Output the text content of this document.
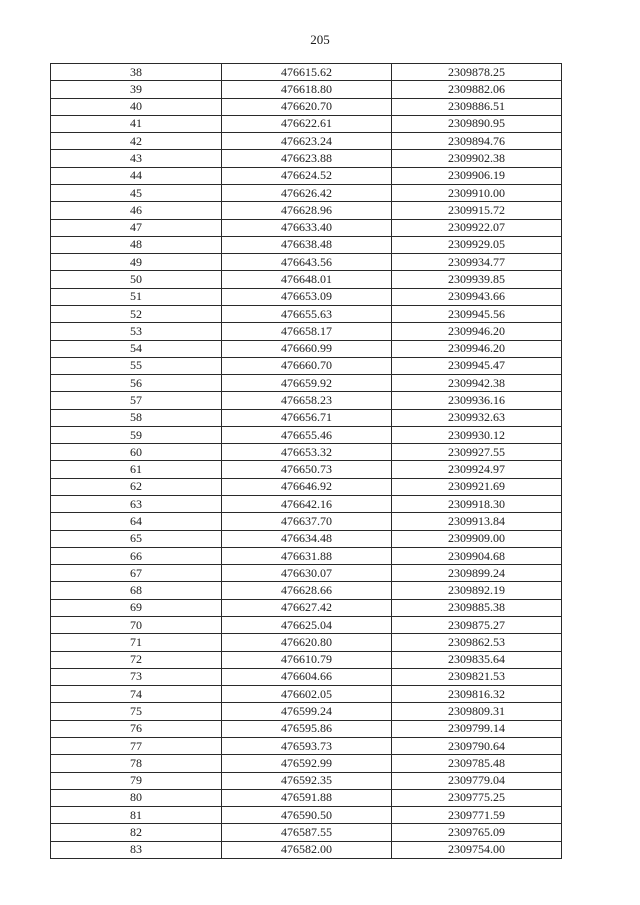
205
38	476615.62	2309878.25
39	476618.80	2309882.06
40	476620.70	2309886.51
41	476622.61	2309890.95
42	476623.24	2309894.76
43	476623.88	2309902.38
44	476624.52	2309906.19
45	476626.42	2309910.00
46	476628.96	2309915.72
47	476633.40	2309922.07
48	476638.48	2309929.05
49	476643.56	2309934.77
50	476648.01	2309939.85
51	476653.09	2309943.66
52	476655.63	2309945.56
53	476658.17	2309946.20
54	476660.99	2309946.20
55	476660.70	2309945.47
56	476659.92	2309942.38
57	476658.23	2309936.16
58	476656.71	2309932.63
59	476655.46	2309930.12
60	476653.32	2309927.55
61	476650.73	2309924.97
62	476646.92	2309921.69
63	476642.16	2309918.30
64	476637.70	2309913.84
65	476634.48	2309909.00
66	476631.88	2309904.68
67	476630.07	2309899.24
68	476628.66	2309892.19
69	476627.42	2309885.38
70	476625.04	2309875.27
71	476620.80	2309862.53
72	476610.79	2309835.64
73	476604.66	2309821.53
74	476602.05	2309816.32
75	476599.24	2309809.31
76	476595.86	2309799.14
77	476593.73	2309790.64
78	476592.99	2309785.48
79	476592.35	2309779.04
80	476591.88	2309775.25
81	476590.50	2309771.59
82	476587.55	2309765.09
83	476582.00	2309754.00
